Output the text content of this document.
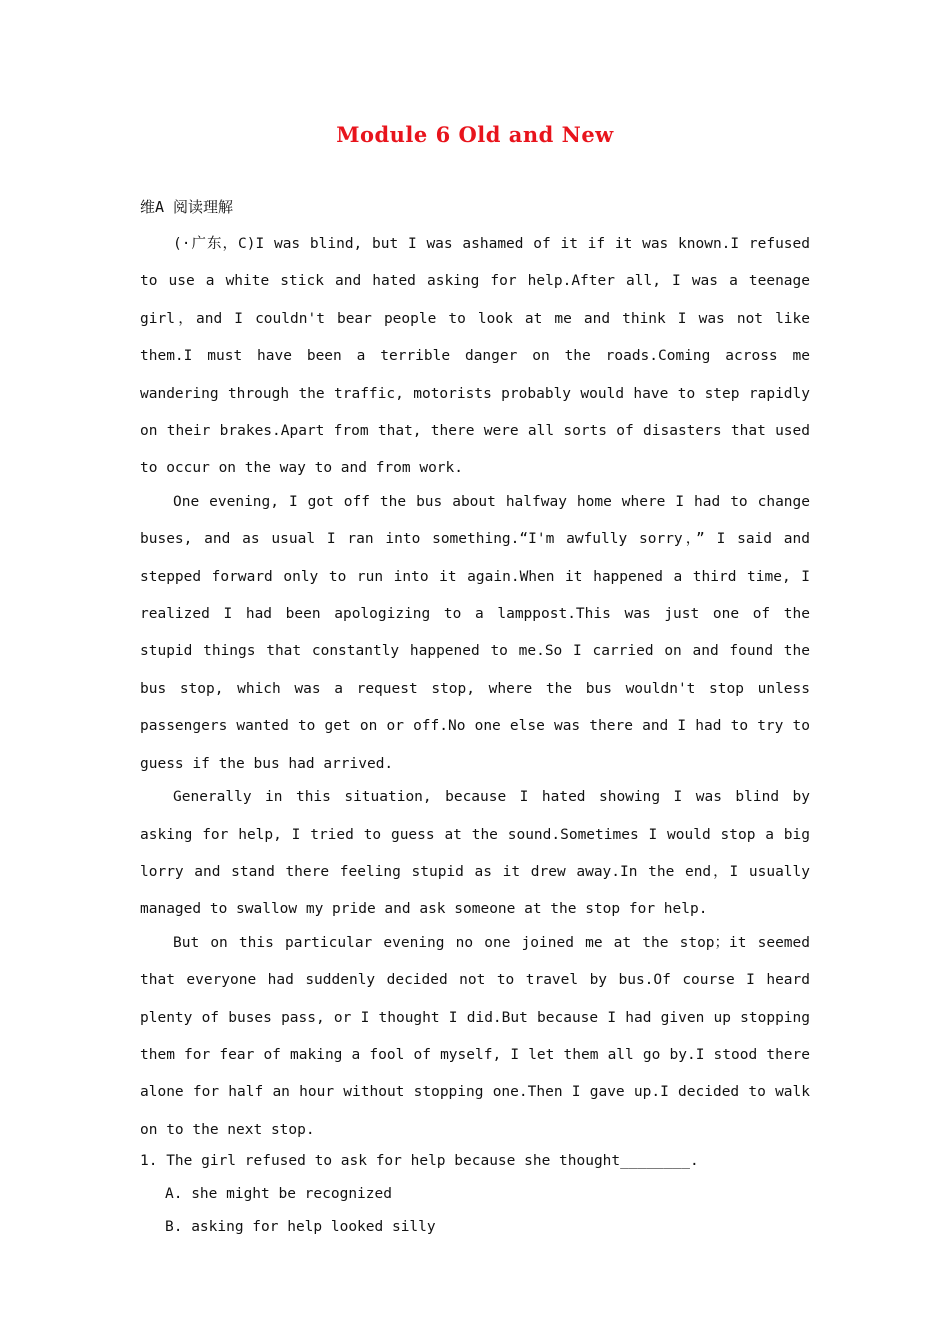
Module 6 Old and New
维A 阅读理解

(·广东，C)I was blind, but I was ashamed of it if it was known.I refused to use a white stick and hated asking for help.After all, I was a teenage girl，and I couldn't bear people to look at me and think I was not like them.I must have been a terrible danger on the roads.Coming across me wandering through the traffic, motorists probably would have to step rapidly on their brakes.Apart from that, there were all sorts of disasters that used to occur on the way to and from work.

One evening, I got off the bus about halfway home where I had to change buses, and as usual I ran into something.“I'm awfully sorry，” I said and stepped forward only to run into it again.When it happened a third time, I realized I had been apologizing to a lamppost.This was just one of the stupid things that constantly happened to me.So I carried on and found the bus stop, which was a request stop, where the bus wouldn't stop unless passengers wanted to get on or off.No one else was there and I had to try to guess if the bus had arrived.

Generally in this situation, because I hated showing I was blind by asking for help, I tried to guess at the sound.Sometimes I would stop a big lorry and stand there feeling stupid as it drew away.In the end，I usually managed to swallow my pride and ask someone at the stop for help.

But on this particular evening no one joined me at the stop；it seemed that everyone had suddenly decided not to travel by bus.Of course I heard plenty of buses pass, or I thought I did.But because I had given up stopping them for fear of making a fool of myself, I let them all go by.I stood there alone for half an hour without stopping one.Then I gave up.I decided to walk on to the next stop.

1. The girl refused to ask for help because she thought________.

A. she might be recognized

B. asking for help looked silly
